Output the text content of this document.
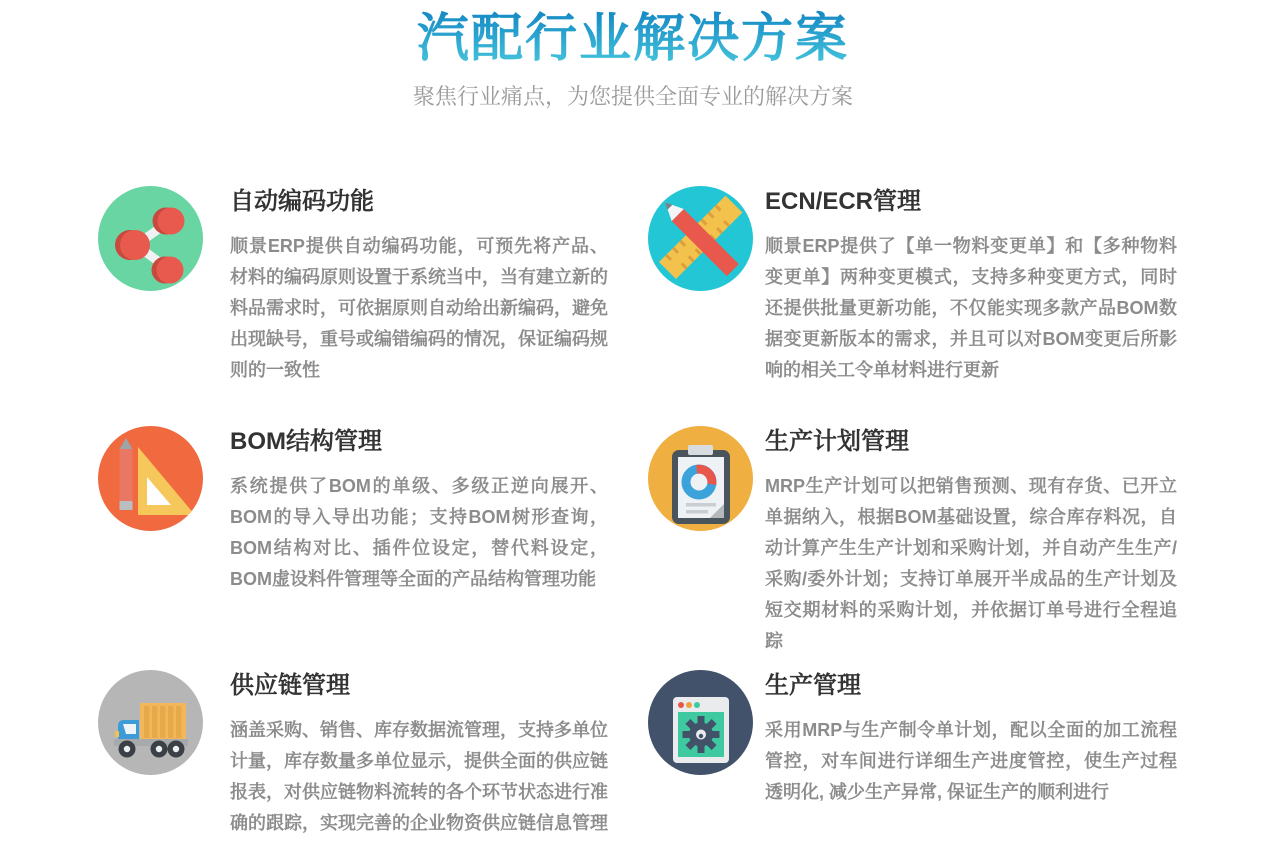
汽配行业解决方案

聚焦行业痛点，为您提供全面专业的解决方案

自动编码功能

顺景ERP提供自动编码功能，可预先将产品、材料的编码原则设置于系统当中，当有建立新的料品需求时，可依据原则自动给出新编码，避免出现缺号，重号或编错编码的情况，保证编码规则的一致性

ECN/ECR管理

顺景ERP提供了【单一物料变更单】和【多种物料变更单】两种变更模式，支持多种变更方式，同时还提供批量更新功能，不仅能实现多款产品BOM数据变更新版本的需求，并且可以对BOM变更后所影响的相关工令单材料进行更新

BOM结构管理

系统提供了BOM的单级、多级正逆向展开、BOM的导入导出功能；支持BOM树形查询，BOM结构对比、插件位设定，替代料设定，BOM虚设料件管理等全面的产品结构管理功能

生产计划管理

MRP生产计划可以把销售预测、现有存货、已开立单据纳入，根据BOM基础设置，综合库存料况，自动计算产生生产计划和采购计划，并自动产生生产/采购/委外计划；支持订单展开半成品的生产计划及短交期材料的采购计划，并依据订单号进行全程追踪

供应链管理

涵盖采购、销售、库存数据流管理，支持多单位计量，库存数量多单位显示，提供全面的供应链报表，对供应链物料流转的各个环节状态进行准确的跟踪，实现完善的企业物资供应链信息管理

生产管理

采用MRP与生产制令单计划，配以全面的加工流程管控，对车间进行详细生产进度管控，使生产过程透明化, 减少生产异常, 保证生产的顺利进行
